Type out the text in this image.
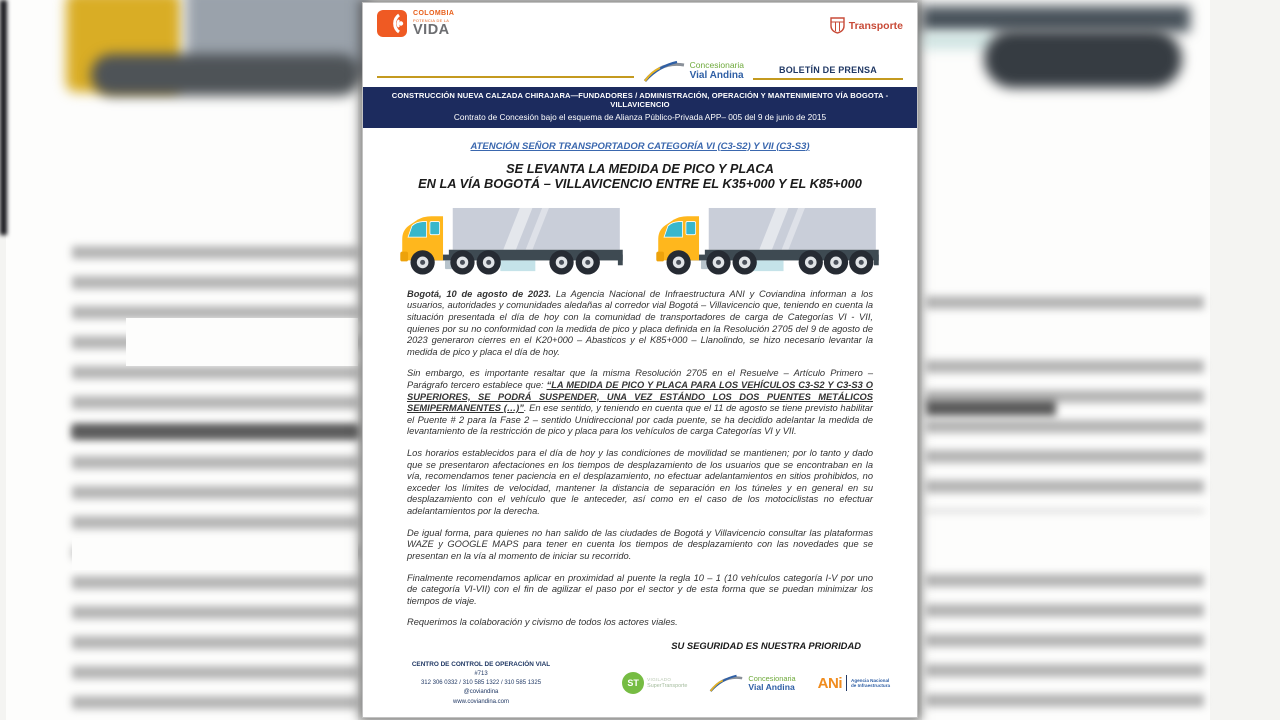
COLOMBIA
POTENCIA DE LA
VIDA	Transporte
Concesionaria
Vial Andina
BOLETÍN DE PRENSA
CONSTRUCCIÓN NUEVA CALZADA CHIRAJARA—FUNDADORES / ADMINISTRACIÓN, OPERACIÓN Y MANTENIMIENTO VÍA BOGOTA - VILLAVICENCIO
Contrato de Concesión bajo el esquema de Alianza Público-Privada APP– 005 del 9 de junio de 2015
ATENCIÓN SEÑOR TRANSPORTADOR CATEGORÍA VI (C3-S2) Y VII (C3-S3)
SE LEVANTA LA MEDIDA DE PICO Y PLACA
EN LA VÍA BOGOTÁ – VILLAVICENCIO ENTRE EL K35+000 Y EL K85+000

Bogotá, 10 de agosto de 2023. La Agencia Nacional de Infraestructura ANI y Coviandina informan a los usuarios, autoridades y comunidades aledañas al corredor vial Bogotá – Villavicencio que, teniendo en cuenta la situación presentada el día de hoy con la comunidad de transportadores de carga de Categorías VI - VII, quienes por su no conformidad con la medida de pico y placa definida en la Resolución 2705 del 9 de agosto de 2023 generaron cierres en el K20+000 – Abasticos y el K85+000 – Llanolindo, se hizo necesario levantar la medida de pico y placa el día de hoy.

Sin embargo, es importante resaltar que la misma Resolución 2705 en el Resuelve – Artículo Primero – Parágrafo tercero establece que: “LA MEDIDA DE PICO Y PLACA PARA LOS VEHÍCULOS C3-S2 Y C3-S3 O SUPERIORES, SE PODRÁ SUSPENDER, UNA VEZ ESTÁNDO LOS DOS PUENTES METÁLICOS SEMIPERMANENTES (…)”. En ese sentido, y teniendo en cuenta que el 11 de agosto se tiene previsto habilitar el Puente # 2 para la Fase 2 – sentido Unidireccional por cada puente, se ha decidido adelantar la medida de levantamiento de la restricción de pico y placa para los vehículos de carga Categorías VI y VII.

Los horarios establecidos para el día de hoy y las condiciones de movilidad se mantienen; por lo tanto y dado que se presentaron afectaciones en los tiempos de desplazamiento de los usuarios que se encontraban en la vía, recomendamos tener paciencia en el desplazamiento, no efectuar adelantamientos en sitios prohibidos, no exceder los límites de velocidad, mantener la distancia de separación en los túneles y en general en su desplazamiento con el vehículo que le anteceder, así como en el caso de los motociclistas no efectuar adelantamientos por la derecha.

De igual forma, para quienes no han salido de las ciudades de Bogotá y Villavicencio consultar las plataformas WAZE y GOOGLE MAPS para tener en cuenta los tiempos de desplazamiento con las novedades que se presentan en la vía al momento de iniciar su recorrido.

Finalmente recomendamos aplicar en proximidad al puente la regla 10 – 1 (10 vehículos categoría I-V por uno de categoría VI-VII) con el fin de agilizar el paso por el sector y de esta forma que se puedan minimizar los tiempos de viaje.

Requerimos la colaboración y civismo de todos los actores viales.

SU SEGURIDAD ES NUESTRA PRIORIDAD
CENTRO DE CONTROL DE OPERACIÓN VIAL
#713
312 306 0332 / 310 585 1322 / 310 585 1325
@coviandina
www.coviandina.com
ST	VIGILADO
SuperTransporte
Concesionaria
Vial Andina ANi Agencia Nacional de Infraestructura
